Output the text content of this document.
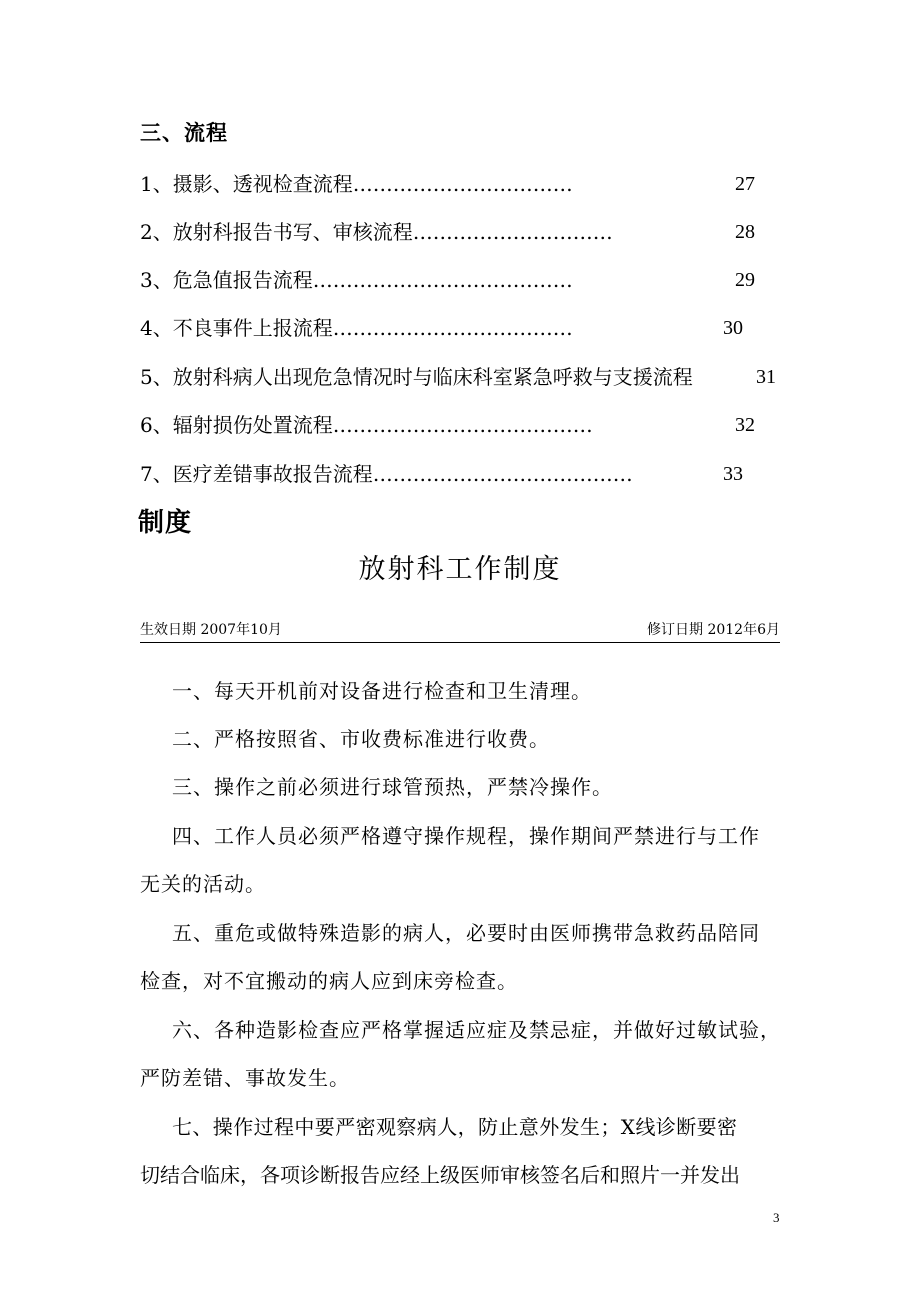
三、流程
1、摄影、透视检查流程……………………………	27
2、放射科报告书写、审核流程…………………………	28
3、危急值报告流程…………………………………	29
4、不良事件上报流程………………………………	30
5、放射科病人出现危急情况时与临床科室紧急呼救与支援流程	31
6、辐射损伤处置流程…………………………………	32
7、医疗差错事故报告流程…………………………………	33
制度
放射科工作制度
生效日期 2007年10月	修订日期 2012年6月
一、每天开机前对设备进行检查和卫生清理。
二、严格按照省、市收费标准进行收费。
三、操作之前必须进行球管预热，严禁冷操作。
四、工作人员必须严格遵守操作规程，操作期间严禁进行与工作
无关的活动。
五、重危或做特殊造影的病人，必要时由医师携带急救药品陪同
检查，对不宜搬动的病人应到床旁检查。
六、各种造影检查应严格掌握适应症及禁忌症，并做好过敏试验，
严防差错、事故发生。
七、操作过程中要严密观察病人，防止意外发生；X线诊断要密
切结合临床，各项诊断报告应经上级医师审核签名后和照片一并发出
3
